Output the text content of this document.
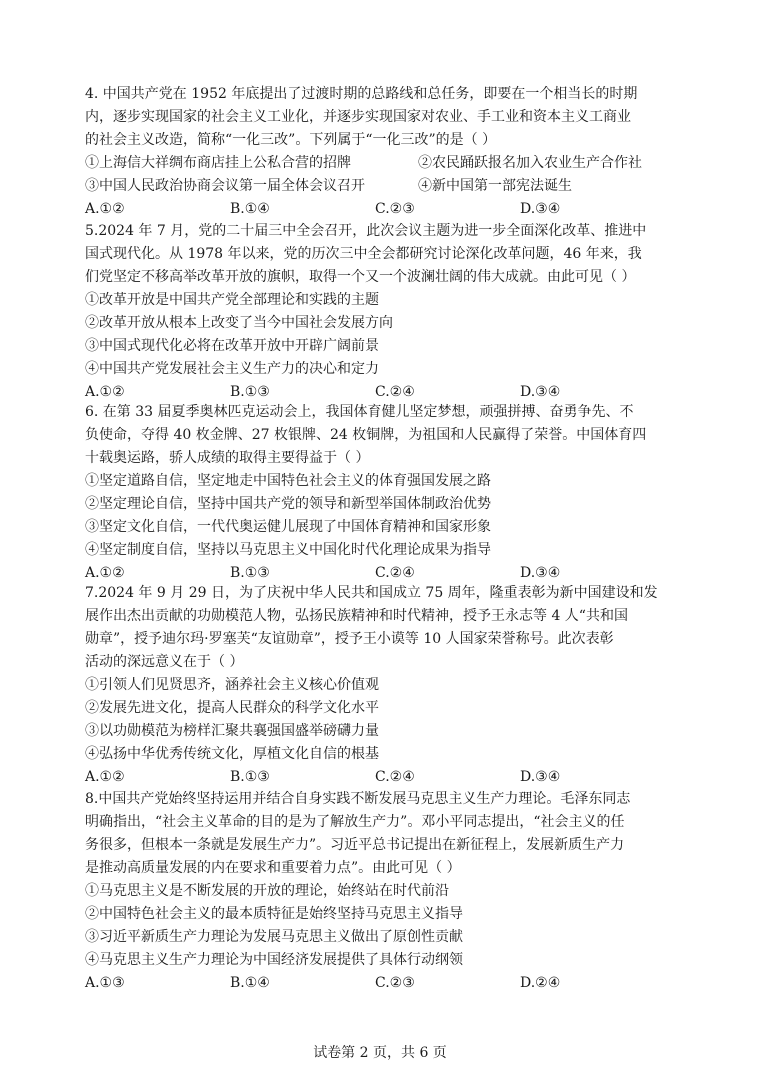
4. 中国共产党在 1952 年底提出了过渡时期的总路线和总任务，即要在一个相当长的时期
内，逐步实现国家的社会主义工业化，并逐步实现国家对农业、手工业和资本主义工商业
的社会主义改造，简称“一化三改”。下列属于“一化三改”的是（ ）
①上海信大祥绸布商店挂上公私合营的招牌	②农民踊跃报名加入农业生产合作社
③中国人民政治协商会议第一届全体会议召开	④新中国第一部宪法诞生
A.①②	B.①④	C.②③	D.③④
5.2024 年 7 月，党的二十届三中全会召开，此次会议主题为进一步全面深化改革、推进中
国式现代化。从 1978 年以来，党的历次三中全会都研究讨论深化改革问题，46 年来，我
们党坚定不移高举改革开放的旗帜，取得一个又一个波澜壮阔的伟大成就。由此可见（ ）
①改革开放是中国共产党全部理论和实践的主题
②改革开放从根本上改变了当今中国社会发展方向
③中国式现代化必将在改革开放中开辟广阔前景
④中国共产党发展社会主义生产力的决心和定力
A.①②	B.①③	C.②④	D.③④
6. 在第 33 届夏季奥林匹克运动会上，我国体育健儿坚定梦想，顽强拼搏、奋勇争先、不
负使命，夺得 40 枚金牌、27 枚银牌、24 枚铜牌，为祖国和人民赢得了荣誉。中国体育四
十载奥运路，骄人成绩的取得主要得益于（ ）
①坚定道路自信，坚定地走中国特色社会主义的体育强国发展之路
②坚定理论自信，坚持中国共产党的领导和新型举国体制政治优势
③坚定文化自信，一代代奥运健儿展现了中国体育精神和国家形象
④坚定制度自信，坚持以马克思主义中国化时代化理论成果为指导
A.①②	B.①③	C.②④	D.③④
7.2024 年 9 月 29 日，为了庆祝中华人民共和国成立 75 周年，隆重表彰为新中国建设和发
展作出杰出贡献的功勋模范人物，弘扬民族精神和时代精神，授予王永志等 4 人“共和国
勋章”，授予迪尔玛·罗塞芙“友谊勋章”，授予王小谟等 10 人国家荣誉称号。此次表彰
活动的深远意义在于（ ）
①引领人们见贤思齐，涵养社会主义核心价值观
②发展先进文化，提高人民群众的科学文化水平
③以功勋模范为榜样汇聚共襄强国盛举磅礴力量
④弘扬中华优秀传统文化，厚植文化自信的根基
A.①②	B.①③	C.②④	D.③④
8.中国共产党始终坚持运用并结合自身实践不断发展马克思主义生产力理论。毛泽东同志
明确指出，“社会主义革命的目的是为了解放生产力”。邓小平同志提出，“社会主义的任
务很多，但根本一条就是发展生产力”。习近平总书记提出在新征程上，发展新质生产力
是推动高质量发展的内在要求和重要着力点”。由此可见（ ）
①马克思主义是不断发展的开放的理论，始终站在时代前沿
②中国特色社会主义的最本质特征是始终坚持马克思主义指导
③习近平新质生产力理论为发展马克思主义做出了原创性贡献
④马克思主义生产力理论为中国经济发展提供了具体行动纲领
A.①③	B.①④	C.②③	D.②④
试卷第 2 页，共 6 页
